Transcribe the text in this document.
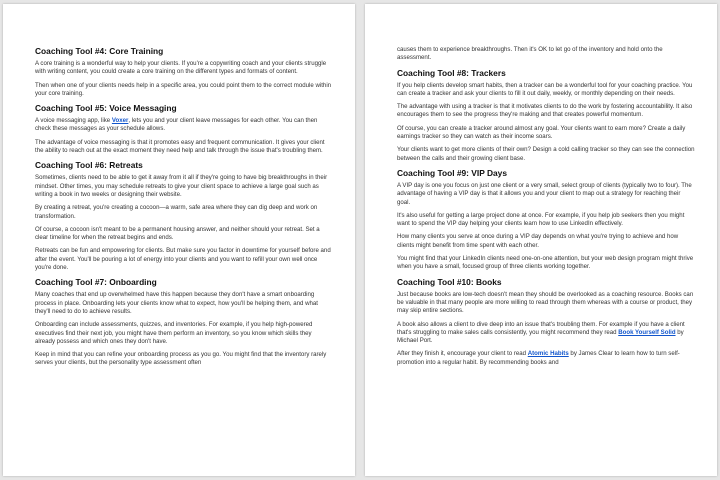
Coaching Tool #4: Core Training

A core training is a wonderful way to help your clients. If you're a copywriting coach and your clients struggle with writing content, you could create a core training on the different types and formats of content.

Then when one of your clients needs help in a specific area, you could point them to the correct module within your core training.

Coaching Tool #5: Voice Messaging

A voice messaging app, like Voxer, lets you and your client leave messages for each other. You can then check these messages as your schedule allows.

The advantage of voice messaging is that it promotes easy and frequent communication. It gives your client the ability to reach out at the exact moment they need help and talk through the issue that's troubling them.

Coaching Tool #6: Retreats

Sometimes, clients need to be able to get it away from it all if they're going to have big breakthroughs in their mindset. Other times, you may schedule retreats to give your client space to achieve a large goal such as writing a book in two weeks or designing their website.

By creating a retreat, you're creating a cocoon—a warm, safe area where they can dig deep and work on transformation.

Of course, a cocoon isn't meant to be a permanent housing answer, and neither should your retreat. Set a clear timeline for when the retreat begins and ends.

Retreats can be fun and empowering for clients. But make sure you factor in downtime for yourself before and after the event. You'll be pouring a lot of energy into your clients and you want to refill your own well once you're done.

Coaching Tool #7: Onboarding

Many coaches that end up overwhelmed have this happen because they don't have a smart onboarding process in place. Onboarding lets your clients know what to expect, how you'll be helping them, and what they'll need to do to achieve results.

Onboarding can include assessments, quizzes, and inventories. For example, if you help high-powered executives find their next job, you might have them perform an inventory, so you know which skills they already possess and which ones they don't have.

Keep in mind that you can refine your onboarding process as you go. You might find that the inventory rarely serves your clients, but the personality type assessment often

causes them to experience breakthroughs. Then it's OK to let go of the inventory and hold onto the assessment.

Coaching Tool #8: Trackers

If you help clients develop smart habits, then a tracker can be a wonderful tool for your coaching practice. You can create a tracker and ask your clients to fill it out daily, weekly, or monthly depending on their needs.

The advantage with using a tracker is that it motivates clients to do the work by fostering accountability. It also encourages them to see the progress they're making and that creates powerful momentum.

Of course, you can create a tracker around almost any goal. Your clients want to earn more? Create a daily earnings tracker so they can watch as their income soars.

Your clients want to get more clients of their own? Design a cold calling tracker so they can see the connection between the calls and their growing client base.

Coaching Tool #9: VIP Days

A VIP day is one you focus on just one client or a very small, select group of clients (typically two to four). The advantage of having a VIP day is that it allows you and your client to map out a strategy for reaching their goal.

It's also useful for getting a large project done at once. For example, if you help job seekers then you might want to spend the VIP day helping your clients learn how to use LinkedIn effectively.

How many clients you serve at once during a VIP day depends on what you're trying to achieve and how clients might benefit from time spent with each other.

You might find that your LinkedIn clients need one-on-one attention, but your web design program might thrive when you have a small, focused group of three clients working together.

Coaching Tool #10: Books

Just because books are low-tech doesn't mean they should be overlooked as a coaching resource. Books can be valuable in that many people are more willing to read through them whereas with a course or product, they may skip entire sections.

A book also allows a client to dive deep into an issue that's troubling them. For example if you have a client that's struggling to make sales calls consistently, you might recommend they read Book Yourself Solid by Michael Port.

After they finish it, encourage your client to read Atomic Habits by James Clear to learn how to turn self-promotion into a regular habit. By recommending books and
